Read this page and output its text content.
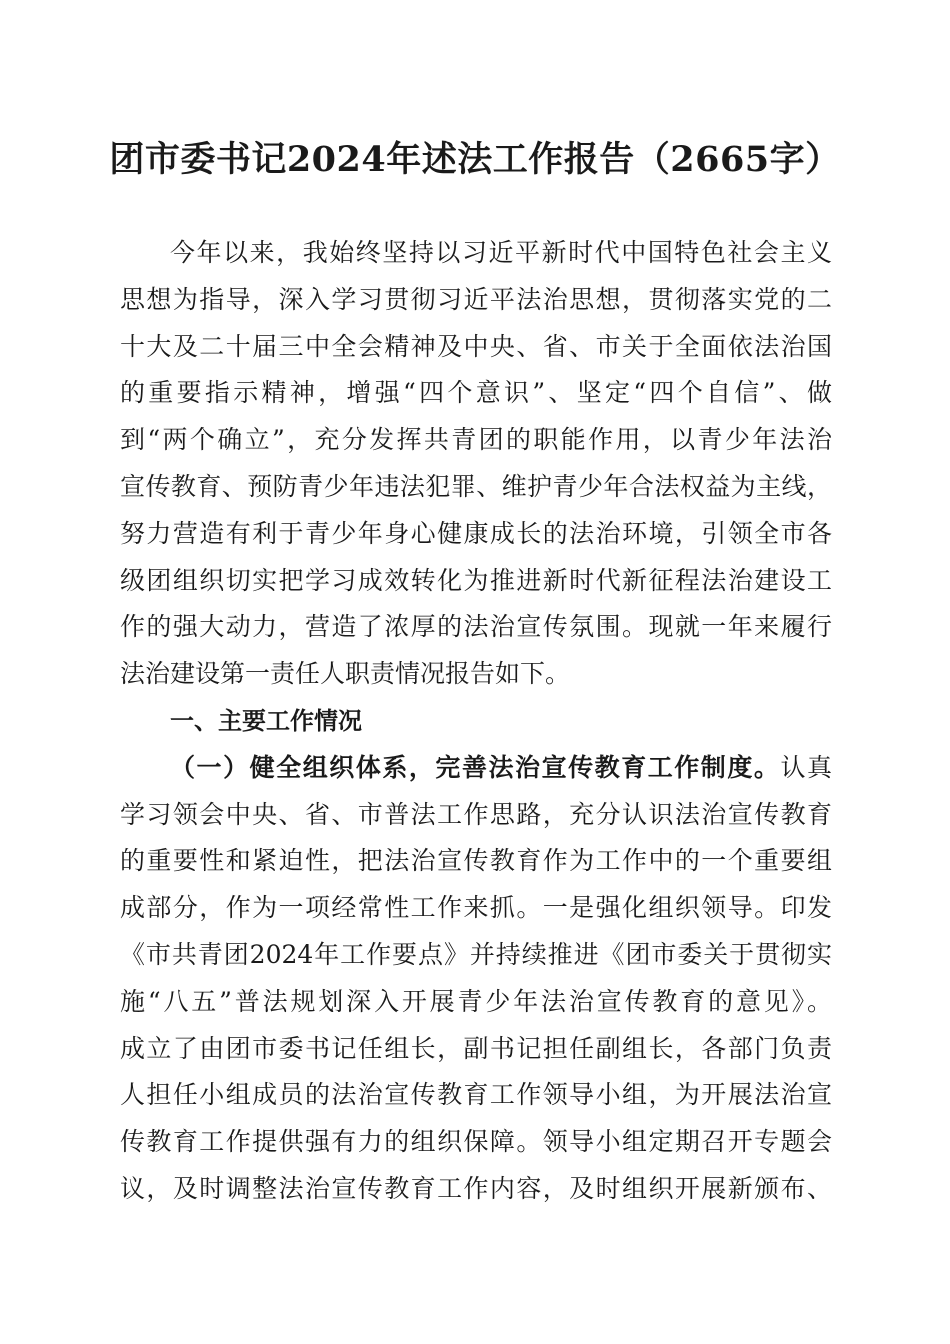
团市委书记2024年述法工作报告（2665字）
今年以来，我始终坚持以习近平新时代中国特色社会主义
思想为指导，深入学习贯彻习近平法治思想，贯彻落实党的二
十大及二十届三中全会精神及中央、省、市关于全面依法治国
的重要指示精神，增强“四个意识”、坚定“四个自信”、做
到“两个确立”，充分发挥共青团的职能作用，以青少年法治
宣传教育、预防青少年违法犯罪、维护青少年合法权益为主线，
努力营造有利于青少年身心健康成长的法治环境，引领全市各
级团组织切实把学习成效转化为推进新时代新征程法治建设工
作的强大动力，营造了浓厚的法治宣传氛围。现就一年来履行
法治建设第一责任人职责情况报告如下。
一、主要工作情况
（一）健全组织体系，完善法治宣传教育工作制度。认真
学习领会中央、省、市普法工作思路，充分认识法治宣传教育
的重要性和紧迫性，把法治宣传教育作为工作中的一个重要组
成部分，作为一项经常性工作来抓。一是强化组织领导。印发
《市共青团2024年工作要点》并持续推进《团市委关于贯彻实
施“八五”普法规划深入开展青少年法治宣传教育的意见》。
成立了由团市委书记任组长，副书记担任副组长，各部门负责
人担任小组成员的法治宣传教育工作领导小组，为开展法治宣
传教育工作提供强有力的组织保障。领导小组定期召开专题会
议，及时调整法治宣传教育工作内容，及时组织开展新颁布、
